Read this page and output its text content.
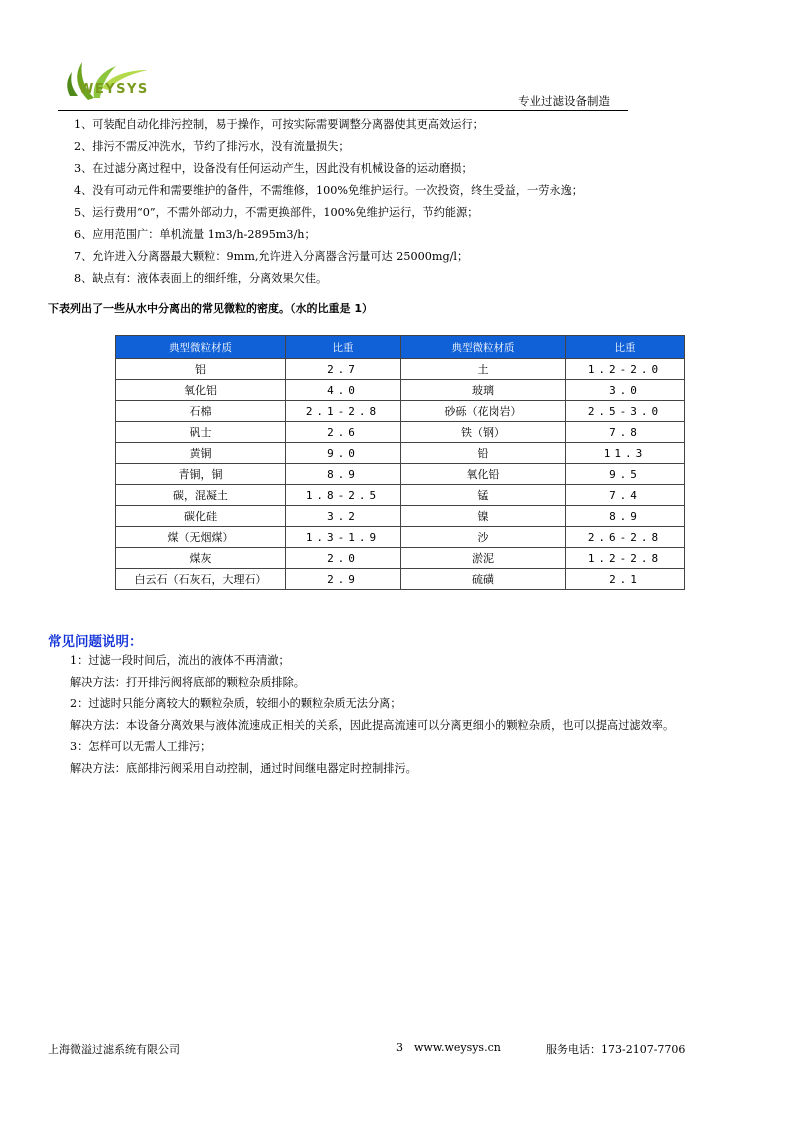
WEYSYS
专业过滤设备制造
1、可装配自动化排污控制，易于操作，可按实际需要调整分离器使其更高效运行；
2、排污不需反冲洗水，节约了排污水，没有流量损失；
3、在过滤分离过程中，设备没有任何运动产生，因此没有机械设备的运动磨损；
4、没有可动元件和需要维护的备件，不需维修，100%免维护运行。一次投资，终生受益，一劳永逸；
5、运行费用“0”，不需外部动力，不需更换部件，100%免维护运行，节约能源；
6、应用范围广：单机流量 1m3/h-2895m3/h；
7、允许进入分离器最大颗粒：9mm,允许进入分离器含污量可达 25000mg/l；
8、缺点有：液体表面上的细纤维，分离效果欠佳。
下表列出了一些从水中分离出的常见微粒的密度。（水的比重是 1）
典型微粒材质	比重	典型微粒材质	比重
铝	2.7	土	1.2-2.0
氧化铝	4.0	玻璃	3.0
石棉	2.1-2.8	砂砾（花岗岩）	2.5-3.0
矾士	2.6	铁（钢）	7.8
黄铜	9.0	铅	11.3
青铜，铜	8.9	氧化铅	9.5
碳，混凝土	1.8-2.5	锰	7.4
碳化硅	3.2	镍	8.9
煤（无烟煤）	1.3-1.9	沙	2.6-2.8
煤灰	2.0	淤泥	1.2-2.8
白云石（石灰石，大理石）	2.9	硫磺	2.1
常见问题说明：
1：过滤一段时间后，流出的液体不再清澈；
解决方法：打开排污阀将底部的颗粒杂质排除。
2：过滤时只能分离较大的颗粒杂质，较细小的颗粒杂质无法分离；
解决方法：本设备分离效果与液体流速成正相关的关系，因此提高流速可以分离更细小的颗粒杂质，也可以提高过滤效率。
3：怎样可以无需人工排污；
解决方法：底部排污阀采用自动控制，通过时间继电器定时控制排污。
上海微溢过滤系统有限公司	3 www.weysys.cn	服务电话：173-2107-7706
